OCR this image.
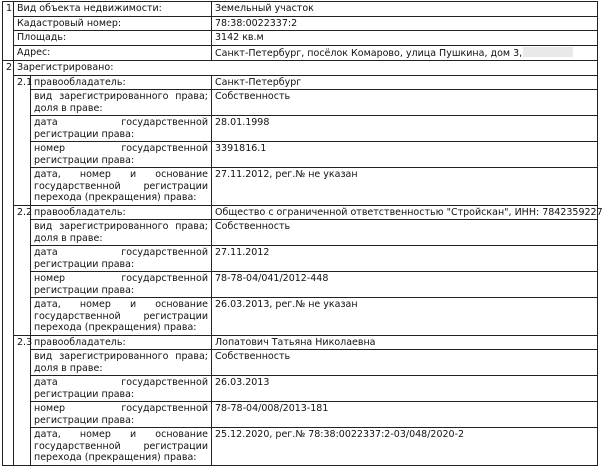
1.	Вид объекта недвижимости:		Земельный участок
	Кадастровый номер:		78:38:0022337:2
	Площадь:		3142 кв.м
	Адрес:		Санкт-Петербург, посёлок Комарово, улица Пушкина, дом 3,
2.	Зарегистрировано:		
	2.1	правообладатель:	Санкт-Петербург
		вид зарегистрированного права; доля в праве:	Собственность
		дата государственной регистрации права:	28.01.1998
		номер государственной регистрации права:	3391816.1
		дата, номер и основание государственной регистрации перехода (прекращения) права:	27.11.2012, рег.№ не указан
	2.2	правообладатель:	Общество с ограниченной ответственностью "Стройскан", ИНН: 7842359227
		вид зарегистрированного права; доля в праве:	Собственность
		дата государственной регистрации права:	27.11.2012
		номер государственной регистрации права:	78-78-04/041/2012-448
		дата, номер и основание государственной регистрации перехода (прекращения) права:	26.03.2013, рег.№ не указан
	2.3	правообладатель:	Лопатович Татьяна Николаевна
		вид зарегистрированного права; доля в праве:	Собственность
		дата государственной регистрации права:	26.03.2013
		номер государственной регистрации права:	78-78-04/008/2013-181
		дата, номер и основание государственной регистрации перехода (прекращения) права:	25.12.2020, рег.№ 78:38:0022337:2-03/048/2020-2
